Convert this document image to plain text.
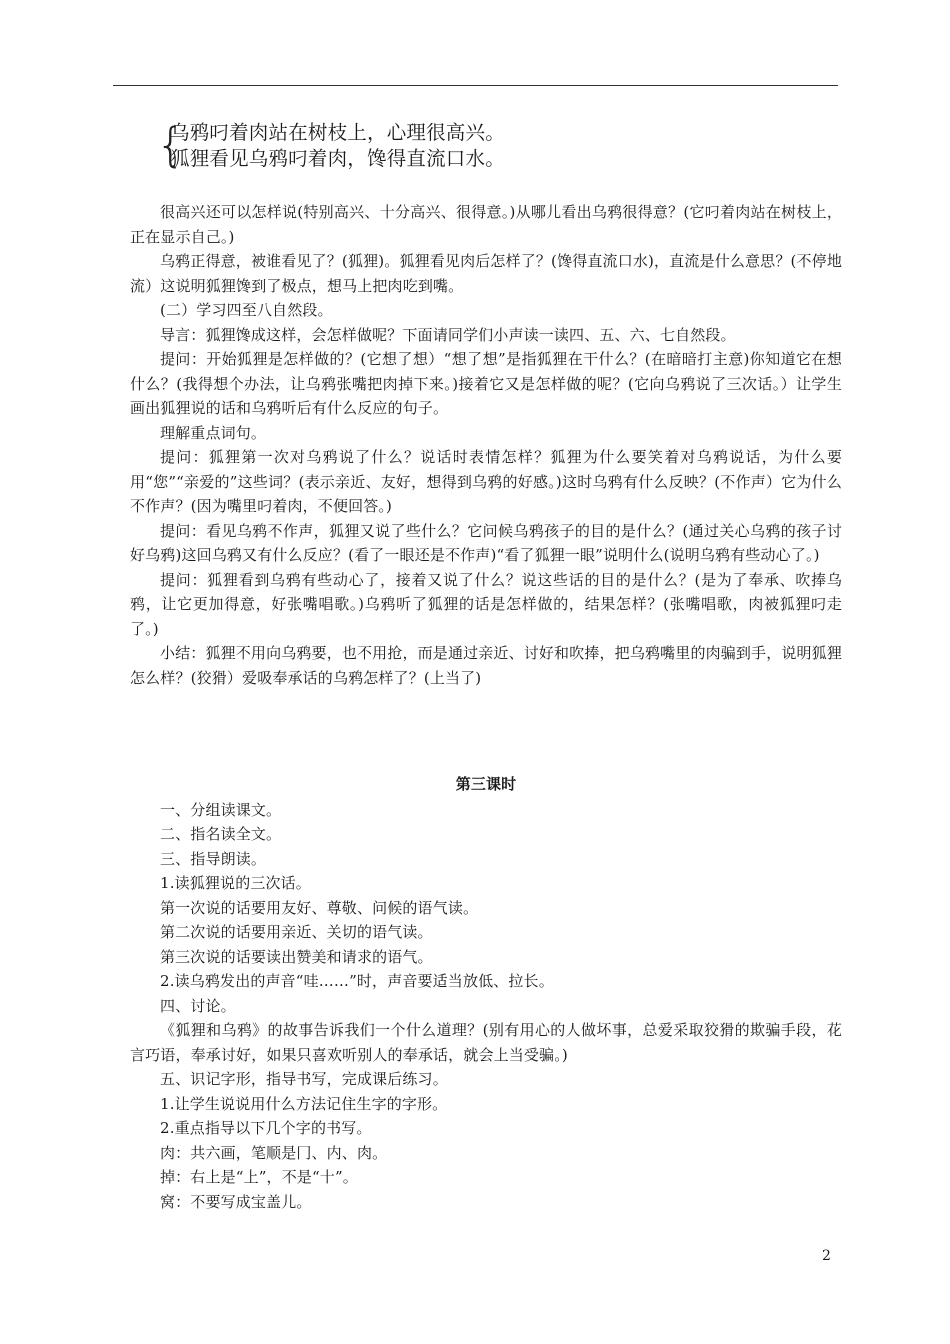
{
乌鸦叼着肉站在树枝上，心理很高兴。
狐狸看见乌鸦叼着肉，馋得直流口水。

很高兴还可以怎样说(特别高兴、十分高兴、很得意。)从哪儿看出乌鸦很得意？(它叼着肉站在树枝上，正在显示自己。)

乌鸦正得意，被谁看见了？(狐狸)。狐狸看见肉后怎样了？(馋得直流口水)，直流是什么意思？(不停地流）这说明狐狸馋到了极点，想马上把肉吃到嘴。

(二）学习四至八自然段。

导言：狐狸馋成这样，会怎样做呢？下面请同学们小声读一读四、五、六、七自然段。

提问：开始狐狸是怎样做的？(它想了想）“想了想”是指狐狸在干什么？(在暗暗打主意)你知道它在想什么？(我得想个办法，让乌鸦张嘴把肉掉下来。)接着它又是怎样做的呢？(它向乌鸦说了三次话。）让学生画出狐狸说的话和乌鸦听后有什么反应的句子。

理解重点词句。

提问：狐狸第一次对乌鸦说了什么？说话时表情怎样？狐狸为什么要笑着对乌鸦说话，为什么要用“您”“亲爱的”这些词？(表示亲近、友好，想得到乌鸦的好感。)这时乌鸦有什么反映？(不作声）它为什么不作声？(因为嘴里叼着肉，不便回答。)

提问：看见乌鸦不作声，狐狸又说了些什么？它问候乌鸦孩子的目的是什么？(通过关心乌鸦的孩子讨好乌鸦)这回乌鸦又有什么反应？(看了一眼还是不作声)“看了狐狸一眼”说明什么(说明乌鸦有些动心了。)

提问：狐狸看到乌鸦有些动心了，接着又说了什么？说这些话的目的是什么？(是为了奉承、吹捧乌鸦，让它更加得意，好张嘴唱歌。)乌鸦听了狐狸的话是怎样做的，结果怎样？(张嘴唱歌，肉被狐狸叼走了。)

小结：狐狸不用向乌鸦要，也不用抢，而是通过亲近、讨好和吹捧，把乌鸦嘴里的肉骗到手，说明狐狸怎么样？(狡猾）爱吸奉承话的乌鸦怎样了？(上当了)

第三课时

一、分组读课文。

二、指名读全文。

三、指导朗读。

1.读狐狸说的三次话。

第一次说的话要用友好、尊敬、问候的语气读。

第二次说的话要用亲近、关切的语气读。

第三次说的话要读出赞美和请求的语气。

2.读乌鸦发出的声音“哇……”时，声音要适当放低、拉长。

四、讨论。

《狐狸和乌鸦》的故事告诉我们一个什么道理？(别有用心的人做坏事，总爱采取狡猾的欺骗手段，花言巧语，奉承讨好，如果只喜欢听别人的奉承话，就会上当受骗。)

五、识记字形，指导书写，完成课后练习。

1.让学生说说用什么方法记住生字的字形。

2.重点指导以下几个字的书写。

肉：共六画，笔顺是冂、内、肉。

掉：右上是“上”，不是“十”。

窝：不要写成宝盖儿。

2
